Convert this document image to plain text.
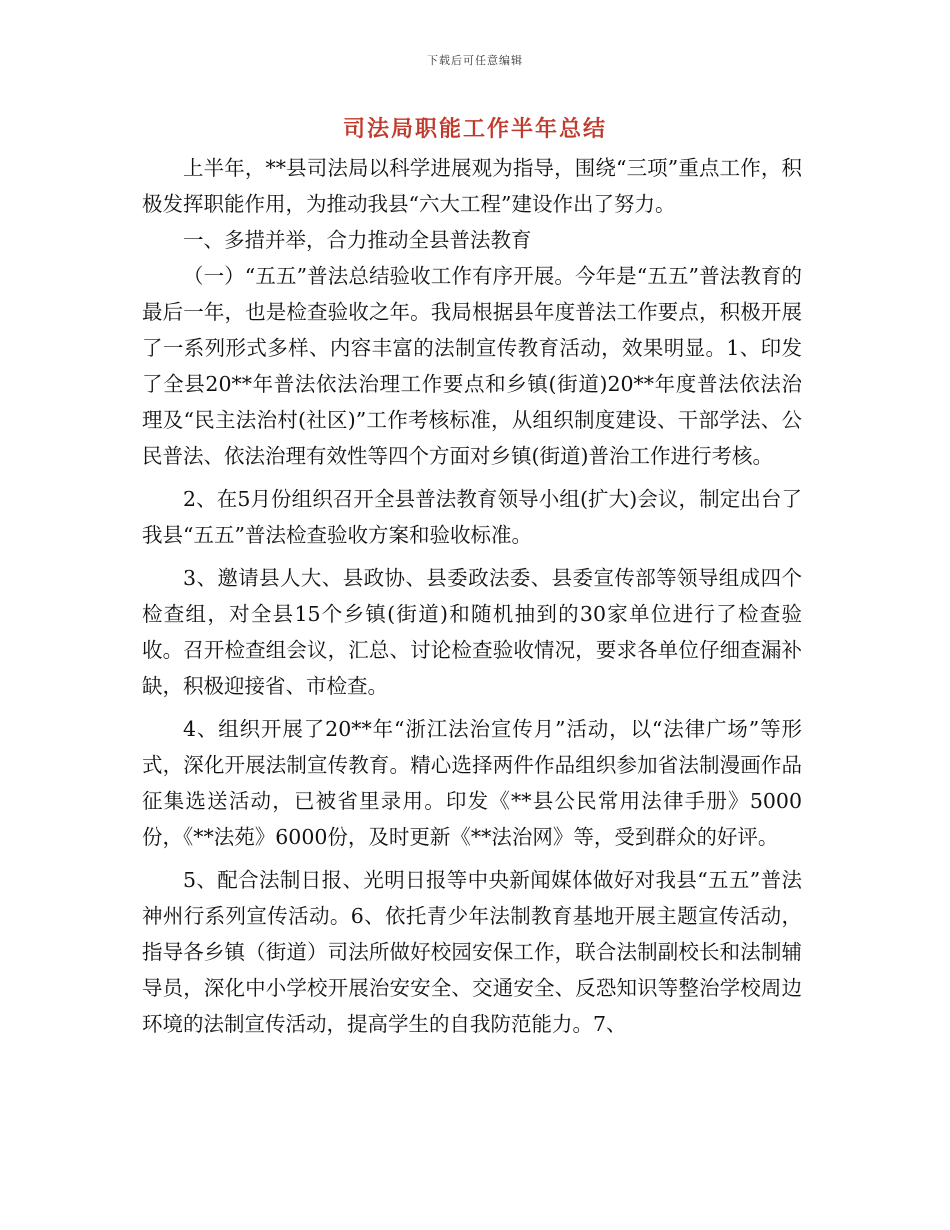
下载后可任意编辑
司法局职能工作半年总结

上半年，**县司法局以科学进展观为指导，围绕“三项”重点工作，积极发挥职能作用，为推动我县“六大工程”建设作出了努力。

一、多措并举，合力推动全县普法教育

（一）“五五”普法总结验收工作有序开展。今年是“五五”普法教育的最后一年，也是检查验收之年。我局根据县年度普法工作要点，积极开展了一系列形式多样、内容丰富的法制宣传教育活动，效果明显。1、印发了全县20**年普法依法治理工作要点和乡镇(街道)20**年度普法依法治理及“民主法治村(社区)”工作考核标准，从组织制度建设、干部学法、公民普法、依法治理有效性等四个方面对乡镇(街道)普治工作进行考核。

2、在5月份组织召开全县普法教育领导小组(扩大)会议，制定出台了我县“五五”普法检查验收方案和验收标准。

3、邀请县人大、县政协、县委政法委、县委宣传部等领导组成四个检查组，对全县15个乡镇(街道)和随机抽到的30家单位进行了检查验收。召开检查组会议，汇总、讨论检查验收情况，要求各单位仔细查漏补缺，积极迎接省、市检查。

4、组织开展了20**年“浙江法治宣传月”活动，以“法律广场”等形式，深化开展法制宣传教育。精心选择两件作品组织参加省法制漫画作品征集选送活动，已被省里录用。印发《**县公民常用法律手册》5000份，《**法苑》6000份，及时更新《**法治网》等，受到群众的好评。

5、配合法制日报、光明日报等中央新闻媒体做好对我县“五五”普法神州行系列宣传活动。6、依托青少年法制教育基地开展主题宣传活动，指导各乡镇（街道）司法所做好校园安保工作，联合法制副校长和法制辅导员，深化中小学校开展治安安全、交通安全、反恐知识等整治学校周边环境的法制宣传活动，提高学生的自我防范能力。7、
